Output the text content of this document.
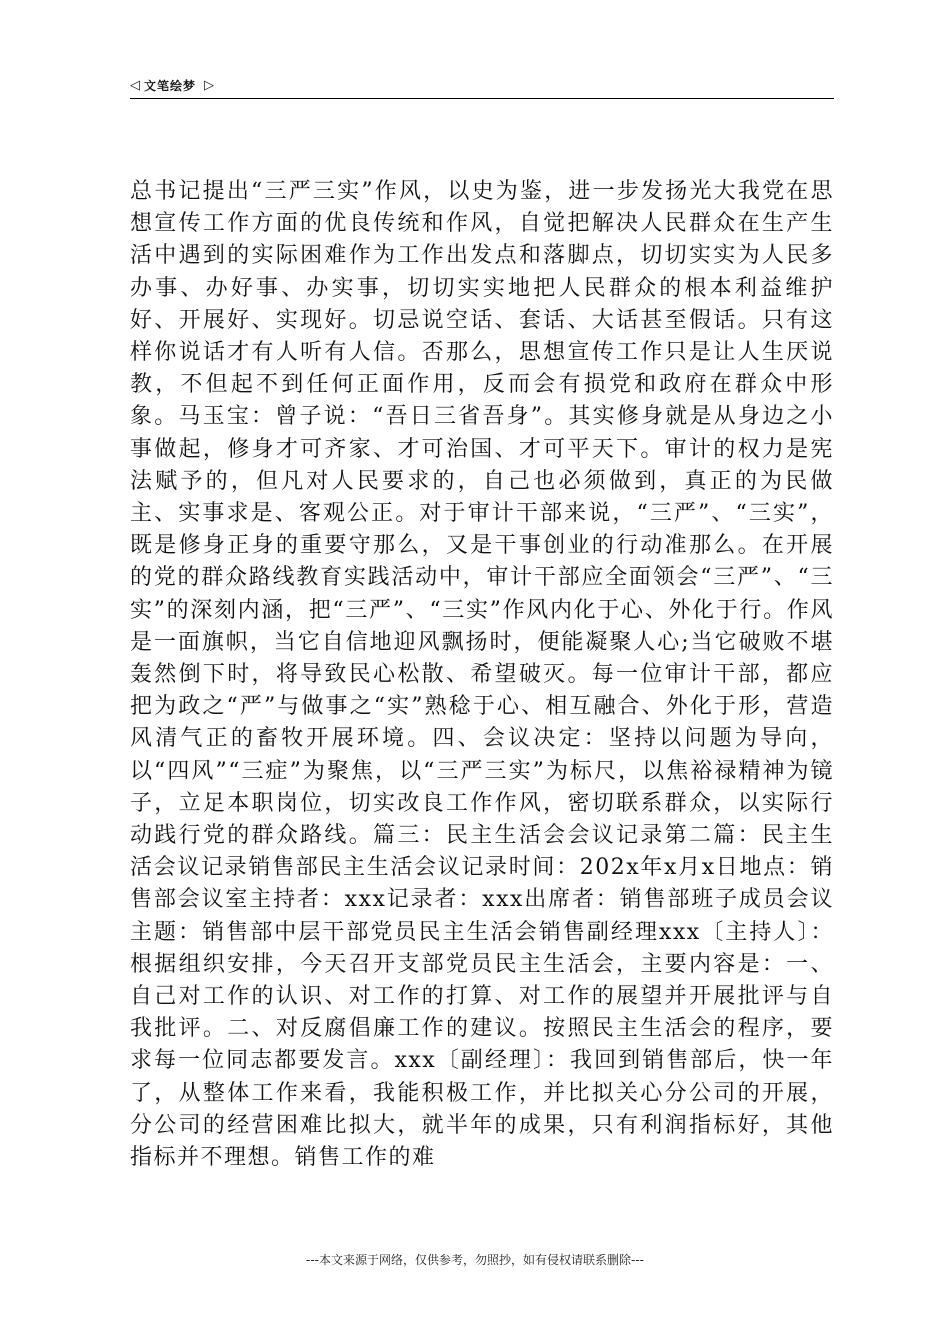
◁ 文笔绘梦 ▷
总书记提出“三严三实”作风，以史为鉴，进一步发扬光大我党在思想宣传工作方面的优良传统和作风，自觉把解决人民群众在生产生活中遇到的实际困难作为工作出发点和落脚点，切切实实为人民多办事、办好事、办实事，切切实实地把人民群众的根本利益维护好、开展好、实现好。切忌说空话、套话、大话甚至假话。只有这样你说话才有人听有人信。否那么，思想宣传工作只是让人生厌说教，不但起不到任何正面作用，反而会有损党和政府在群众中形象。马玉宝：曾子说：“吾日三省吾身”。其实修身就是从身边之小事做起，修身才可齐家、才可治国、才可平天下。审计的权力是宪法赋予的，但凡对人民要求的，自己也必须做到，真正的为民做主、实事求是、客观公正。对于审计干部来说，“三严”、“三实”，既是修身正身的重要守那么，又是干事创业的行动准那么。在开展的党的群众路线教育实践活动中，审计干部应全面领会“三严”、“三实”的深刻内涵，把“三严”、“三实”作风内化于心、外化于行。作风是一面旗帜，当它自信地迎风飘扬时，便能凝聚人心;当它破败不堪轰然倒下时，将导致民心松散、希望破灭。每一位审计干部，都应把为政之“严”与做事之“实”熟稔于心、相互融合、外化于形，营造风清气正的畜牧开展环境。四、会议决定：坚持以问题为导向，以“四风”“三症”为聚焦，以“三严三实”为标尺，以焦裕禄精神为镜子，立足本职岗位，切实改良工作作风，密切联系群众，以实际行动践行党的群众路线。篇三：民主生活会会议记录第二篇：民主生活会议记录销售部民主生活会议记录时间：202x年x月x日地点：销售部会议室主持者：xxx记录者：xxx出席者：销售部班子成员会议主题：销售部中层干部党员民主生活会销售副经理xxx〔主持人〕：根据组织安排，今天召开支部党员民主生活会，主要内容是：一、自己对工作的认识、对工作的打算、对工作的展望并开展批评与自我批评。二、对反腐倡廉工作的建议。按照民主生活会的程序，要求每一位同志都要发言。xxx〔副经理〕：我回到销售部后，快一年了，从整体工作来看，我能积极工作，并比拟关心分公司的开展，分公司的经营困难比拟大，就半年的成果，只有利润指标好，其他指标并不理想。销售工作的难
---本文来源于网络，仅供参考，勿照抄，如有侵权请联系删除---
